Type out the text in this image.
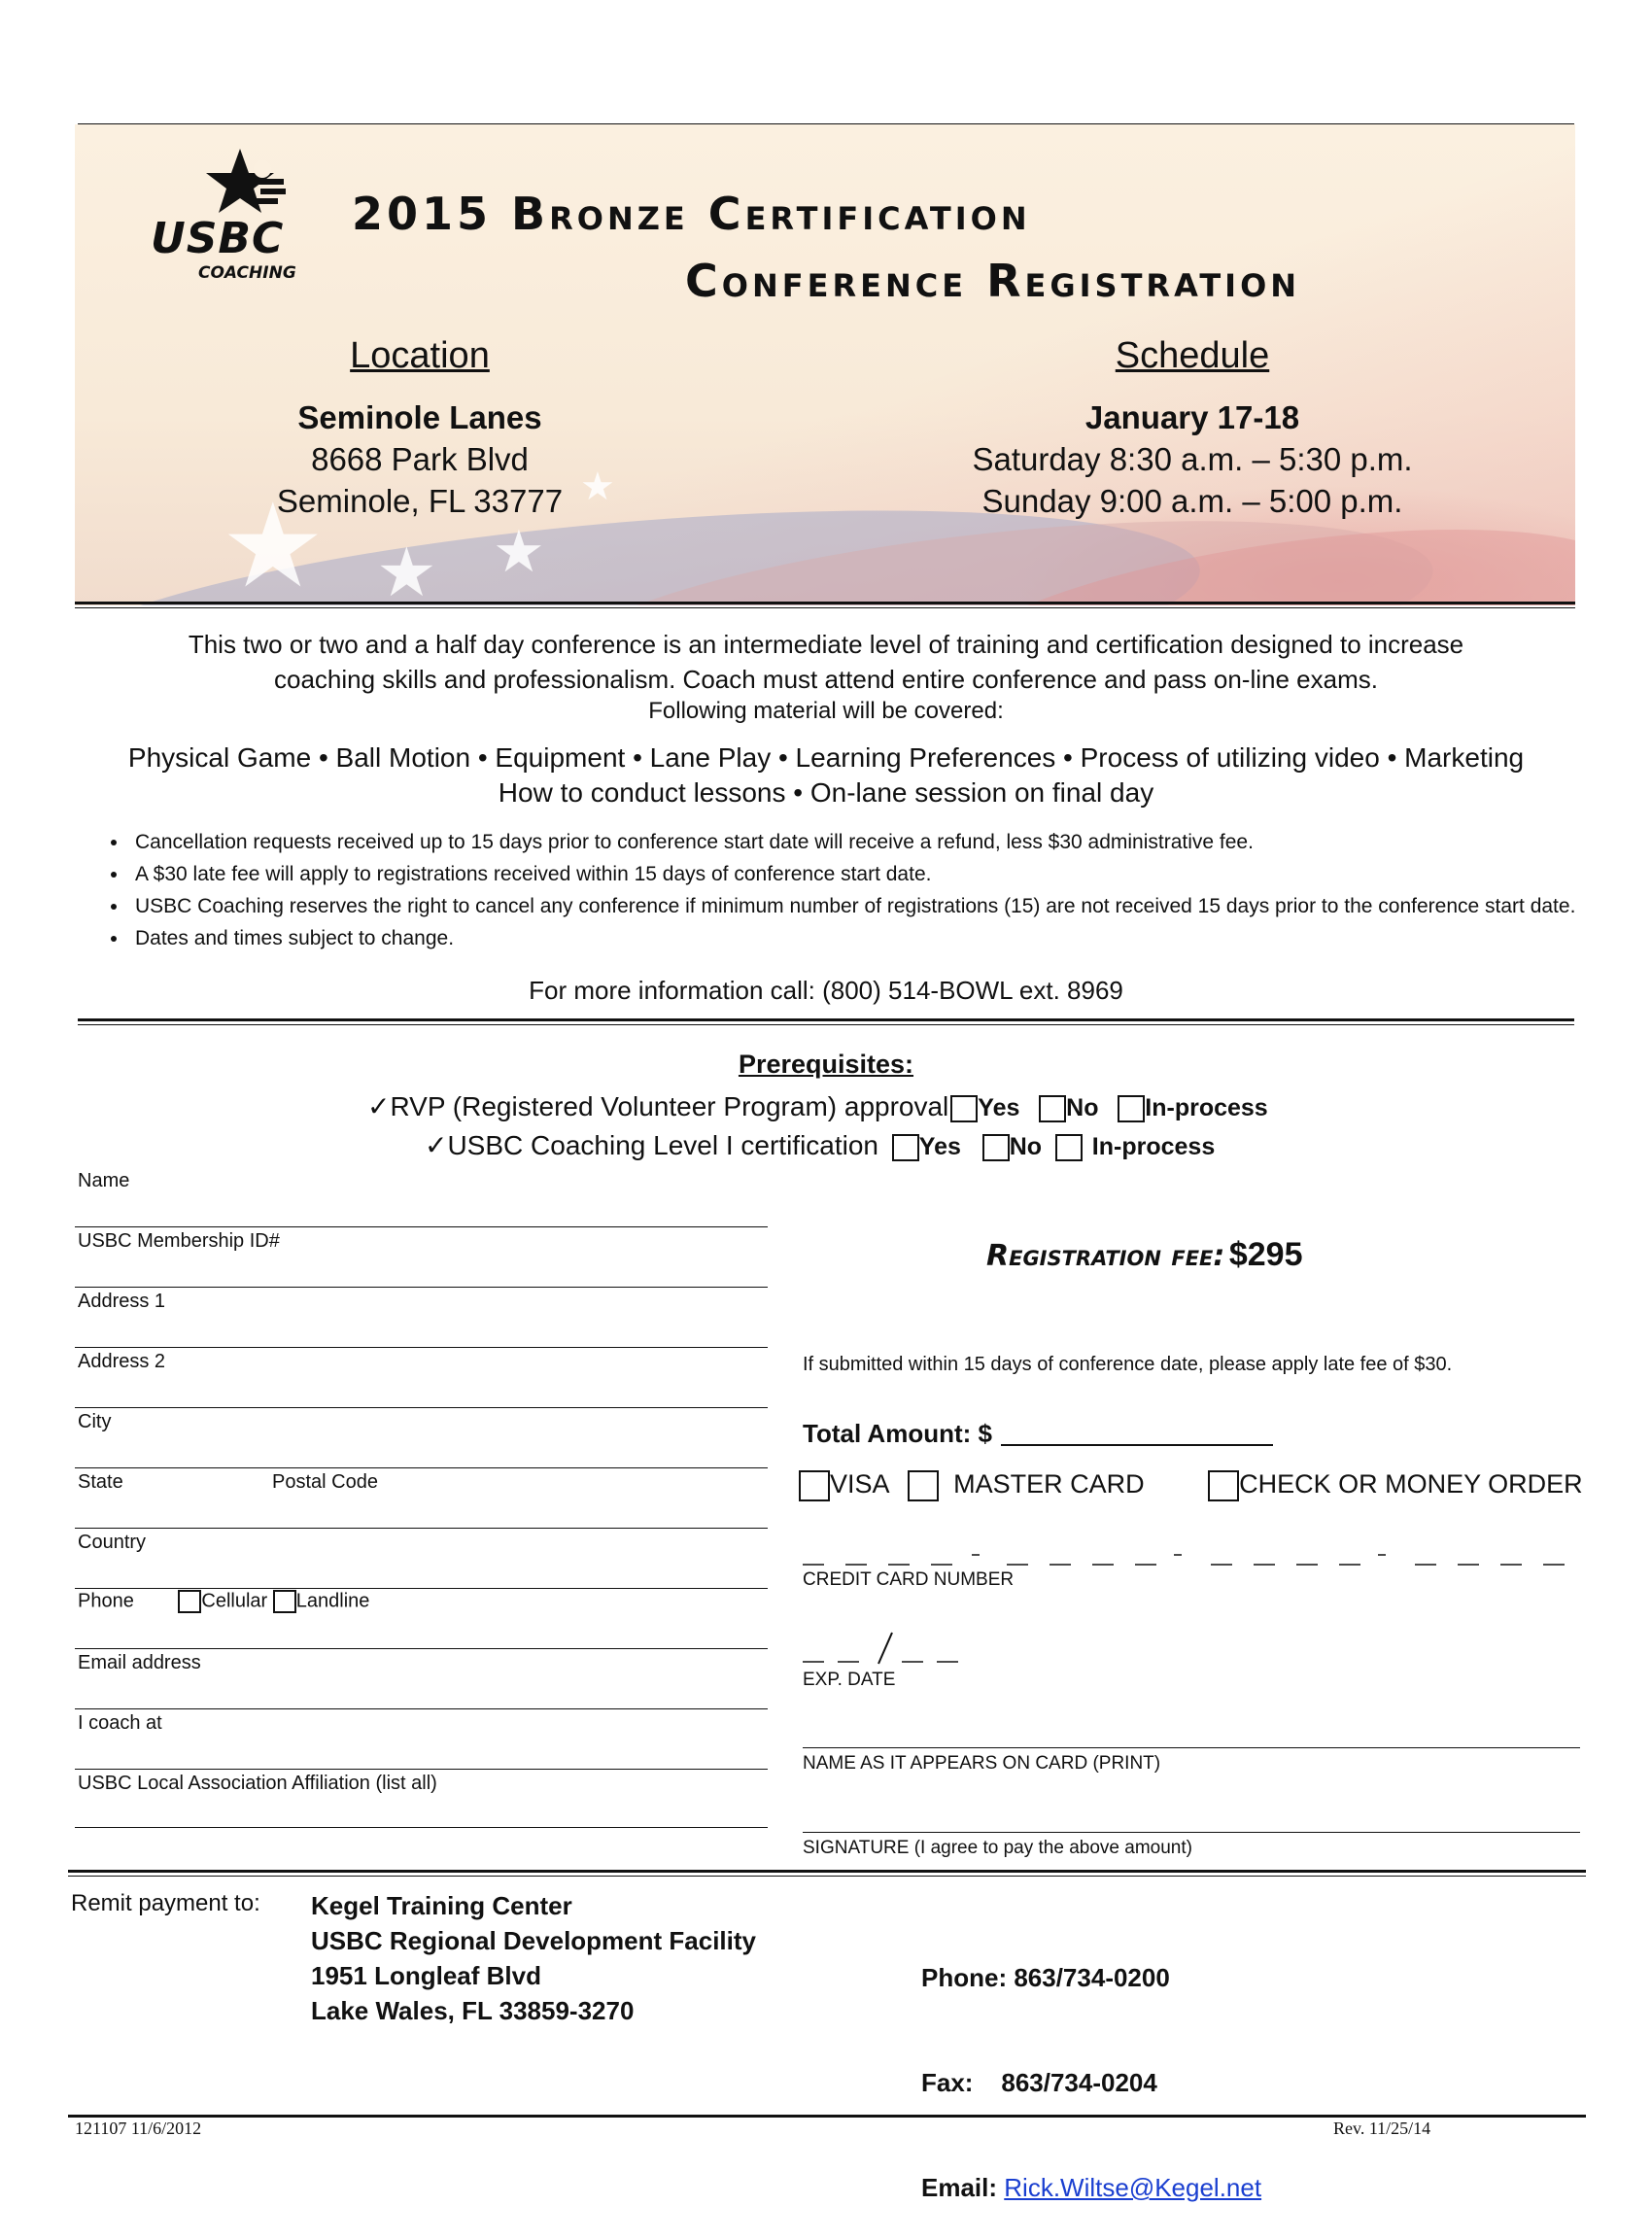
★ ★ ★
★
USBC
COACHING
2015 Bronze Certification
Conference Registration
Location
Seminole Lanes
8668 Park Blvd
Seminole, FL 33777
Schedule
January 17-18
Saturday 8:30 a.m. – 5:30 p.m.
Sunday 9:00 a.m. – 5:00 p.m.
This two or two and a half day conference is an intermediate level of training and certification designed to increase
coaching skills and professionalism. Coach must attend entire conference and pass on-line exams.
Following material will be covered:
Physical Game • Ball Motion • Equipment • Lane Play • Learning Preferences • Process of utilizing video • Marketing
How to conduct lessons • On-lane session on final day
• Cancellation requests received up to 15 days prior to conference start date will receive a refund, less $30 administrative fee.
• A $30 late fee will apply to registrations received within 15 days of conference start date.
• USBC Coaching reserves the right to cancel any conference if minimum number of registrations (15) are not received 15 days prior to the conference start date.
• Dates and times subject to change.
For more information call: (800) 514-BOWL ext. 8969
Prerequisites:
✓RVP (Registered Volunteer Program) approval Yes No In-process
✓USBC Coaching Level I certification Yes No In-process
Name
USBC Membership ID#
Address 1
Address 2
City
State	Postal Code
Country
Phone	Cellular Landline
Email address
I coach at
USBC Local Association Affiliation (list all)
Registration fee: $295
If submitted within 15 days of conference date, please apply late fee of $30.
Total Amount: $
VISA MASTER CARD	CHECK OR MONEY ORDER
CREDIT CARD NUMBER
EXP. DATE
NAME AS IT APPEARS ON CARD (PRINT)
SIGNATURE (I agree to pay the above amount)
Remit payment to: Kegel Training Center
USBC Regional Development Facility
1951 Longleaf Blvd
Lake Wales, FL 33859-3270

Phone: 863/734-0200

Fax:    863/734-0204

Email: Rick.Wiltse@Kegel.net

121107 11/6/2012	Rev. 11/25/14
